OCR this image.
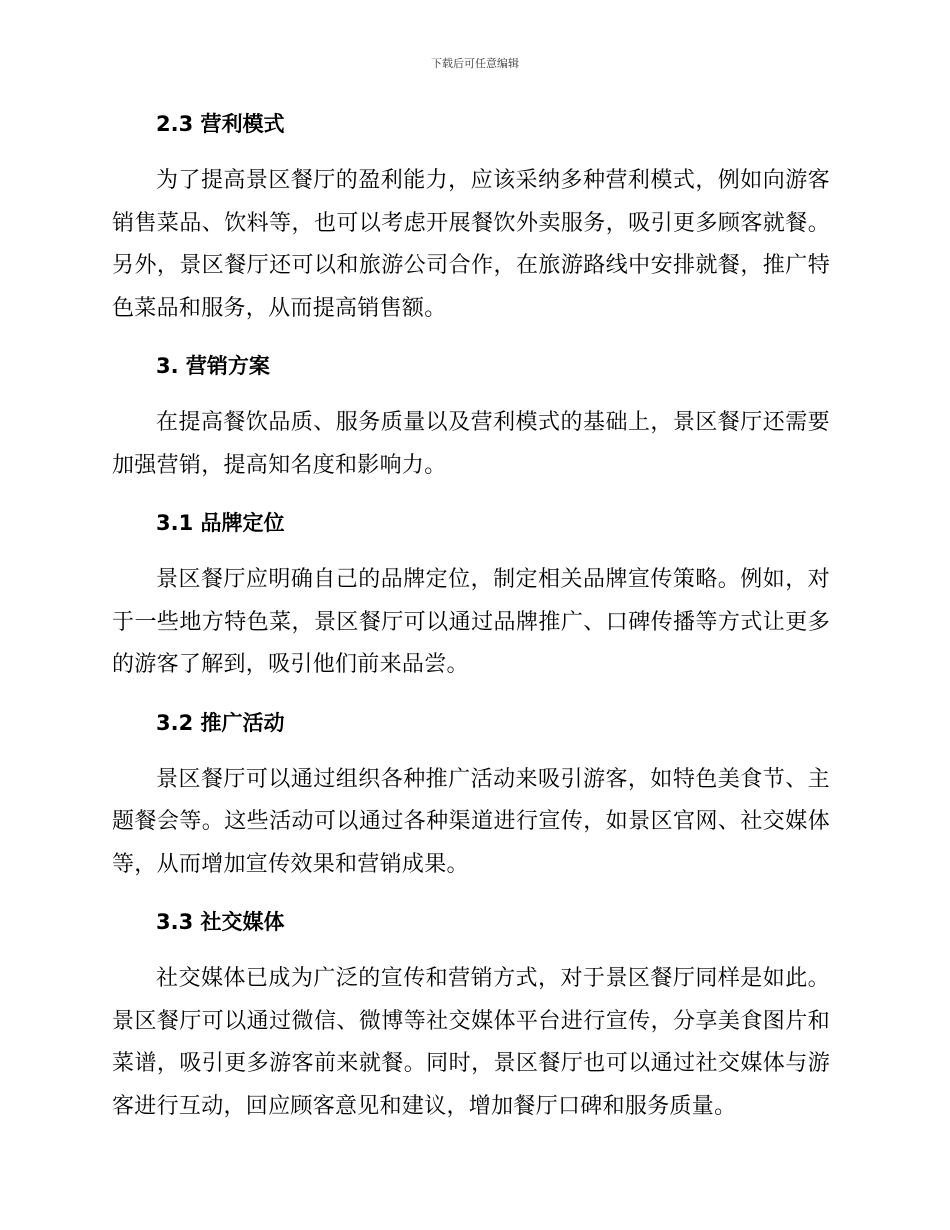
下载后可任意编辑
2.3 营利模式

为了提高景区餐厅的盈利能力，应该采纳多种营利模式，例如向游客销售菜品、饮料等，也可以考虑开展餐饮外卖服务，吸引更多顾客就餐。另外，景区餐厅还可以和旅游公司合作，在旅游路线中安排就餐，推广特色菜品和服务，从而提高销售额。

3. 营销方案

在提高餐饮品质、服务质量以及营利模式的基础上，景区餐厅还需要加强营销，提高知名度和影响力。

3.1 品牌定位

景区餐厅应明确自己的品牌定位，制定相关品牌宣传策略。例如，对于一些地方特色菜，景区餐厅可以通过品牌推广、口碑传播等方式让更多的游客了解到，吸引他们前来品尝。

3.2 推广活动

景区餐厅可以通过组织各种推广活动来吸引游客，如特色美食节、主题餐会等。这些活动可以通过各种渠道进行宣传，如景区官网、社交媒体等，从而增加宣传效果和营销成果。

3.3 社交媒体

社交媒体已成为广泛的宣传和营销方式，对于景区餐厅同样是如此。景区餐厅可以通过微信、微博等社交媒体平台进行宣传，分享美食图片和菜谱，吸引更多游客前来就餐。同时，景区餐厅也可以通过社交媒体与游客进行互动，回应顾客意见和建议，增加餐厅口碑和服务质量。
